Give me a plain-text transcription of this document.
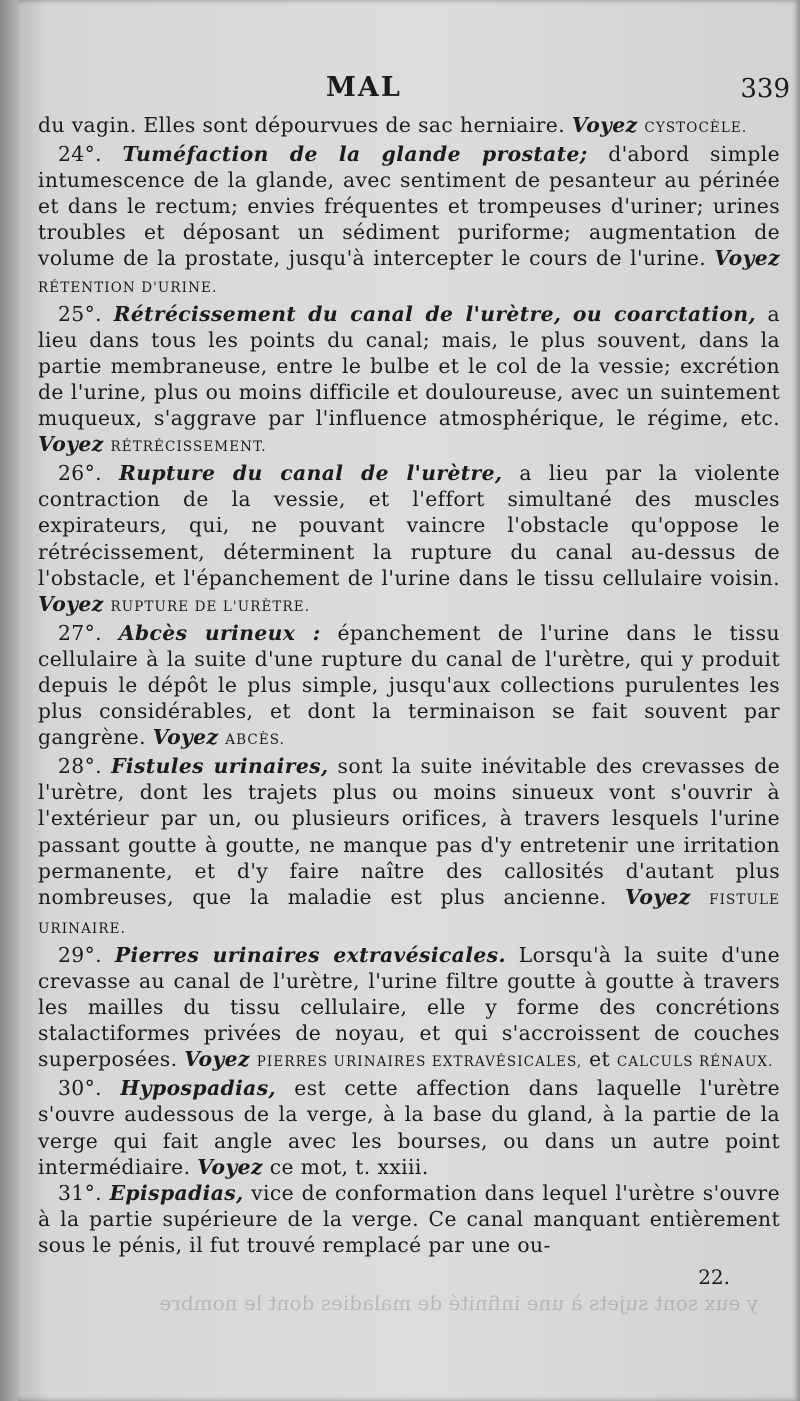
MAL	339

du vagin. Elles sont dépourvues de sac herniaire. Voyez CYSTOCÈLE.

24°. Tuméfaction de la glande prostate; d'abord simple intumescence de la glande, avec sentiment de pesanteur au périnée et dans le rectum; envies fréquentes et trompeuses d'uriner; urines troubles et déposant un sédiment puriforme; augmentation de volume de la prostate, jusqu'à intercepter le cours de l'urine. Voyez RÉTENTION D'URINE.

25°. Rétrécissement du canal de l'urètre, ou coarctation, a lieu dans tous les points du canal; mais, le plus souvent, dans la partie membraneuse, entre le bulbe et le col de la vessie; excrétion de l'urine, plus ou moins difficile et douloureuse, avec un suintement muqueux, s'aggrave par l'influence atmosphérique, le régime, etc. Voyez RÉTRÉCISSEMENT.

26°. Rupture du canal de l'urètre, a lieu par la violente contraction de la vessie, et l'effort simultané des muscles expirateurs, qui, ne pouvant vaincre l'obstacle qu'oppose le rétrécissement, déterminent la rupture du canal au-dessus de l'obstacle, et l'épanchement de l'urine dans le tissu cellulaire voisin. Voyez RUPTURE DE L'URÈTRE.

27°. Abcès urineux : épanchement de l'urine dans le tissu cellulaire à la suite d'une rupture du canal de l'urètre, qui y produit depuis le dépôt le plus simple, jusqu'aux collections purulentes les plus considérables, et dont la terminaison se fait souvent par gangrène. Voyez ABCÈS.

28°. Fistules urinaires, sont la suite inévitable des crevasses de l'urètre, dont les trajets plus ou moins sinueux vont s'ouvrir à l'extérieur par un, ou plusieurs orifices, à travers lesquels l'urine passant goutte à goutte, ne manque pas d'y entretenir une irritation permanente, et d'y faire naître des callosités d'autant plus nombreuses, que la maladie est plus ancienne. Voyez FISTULE URINAIRE.

29°. Pierres urinaires extravésicales. Lorsqu'à la suite d'une crevasse au canal de l'urètre, l'urine filtre goutte à goutte à travers les mailles du tissu cellulaire, elle y forme des concrétions stalactiformes privées de noyau, et qui s'accroissent de couches superposées. Voyez PIERRES URINAIRES EXTRAVÉSICALES, et CALCULS RÉNAUX.

30°. Hypospadias, est cette affection dans laquelle l'urètre s'ouvre audessous de la verge, à la base du gland, à la partie de la verge qui fait angle avec les bourses, ou dans un autre point intermédiaire. Voyez ce mot, t. xxiii.

31°. Epispadias, vice de conformation dans lequel l'urètre s'ouvre à la partie supérieure de la verge. Ce canal manquant entièrement sous le pénis, il fut trouvé remplacé par une ou-

22.
y eux sont sujets à une infinité de maladies dont le nombre
